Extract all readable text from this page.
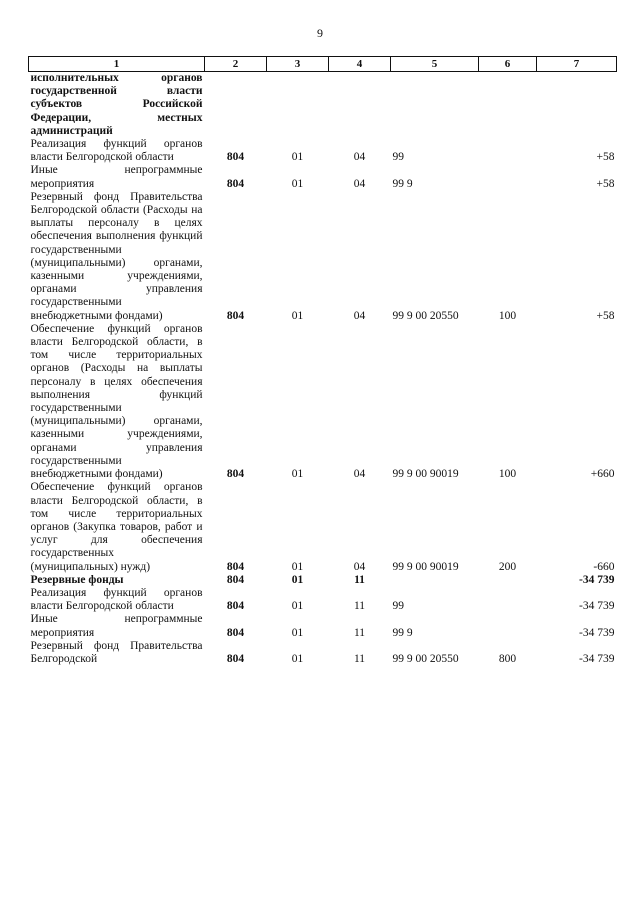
9
1	2	3	4	5	6	7
исполнительных органов государственной власти субъектов Российской Федерации, местных администраций						
Реализация функций органов власти Белгородской области	804	01	04	99		+58
Иные непрограммные мероприятия	804	01	04	99 9		+58
Резервный фонд Правительства Белгородской области (Расходы на выплаты персоналу в целях обеспечения выполнения функций государственными (муниципальными) органами, казенными учреждениями, органами управления государственными внебюджетными фондами)	804	01	04	99 9 00 20550	100	+58
Обеспечение функций органов власти Белгородской области, в том числе территориальных органов (Расходы на выплаты персоналу в целях обеспечения выполнения функций государственными (муниципальными) органами, казенными учреждениями, органами управления государственными внебюджетными фондами)	804	01	04	99 9 00 90019	100	+660
Обеспечение функций органов власти Белгородской области, в том числе территориальных органов (Закупка товаров, работ и услуг для обеспечения государственных (муниципальных) нужд)	804	01	04	99 9 00 90019	200	-660
Резервные фонды	804	01	11			-34 739
Реализация функций органов власти Белгородской области	804	01	11	99		-34 739
Иные непрограммные мероприятия	804	01	11	99 9		-34 739
Резервный фонд Правительства Белгородской	804	01	11	99 9 00 20550	800	-34 739
